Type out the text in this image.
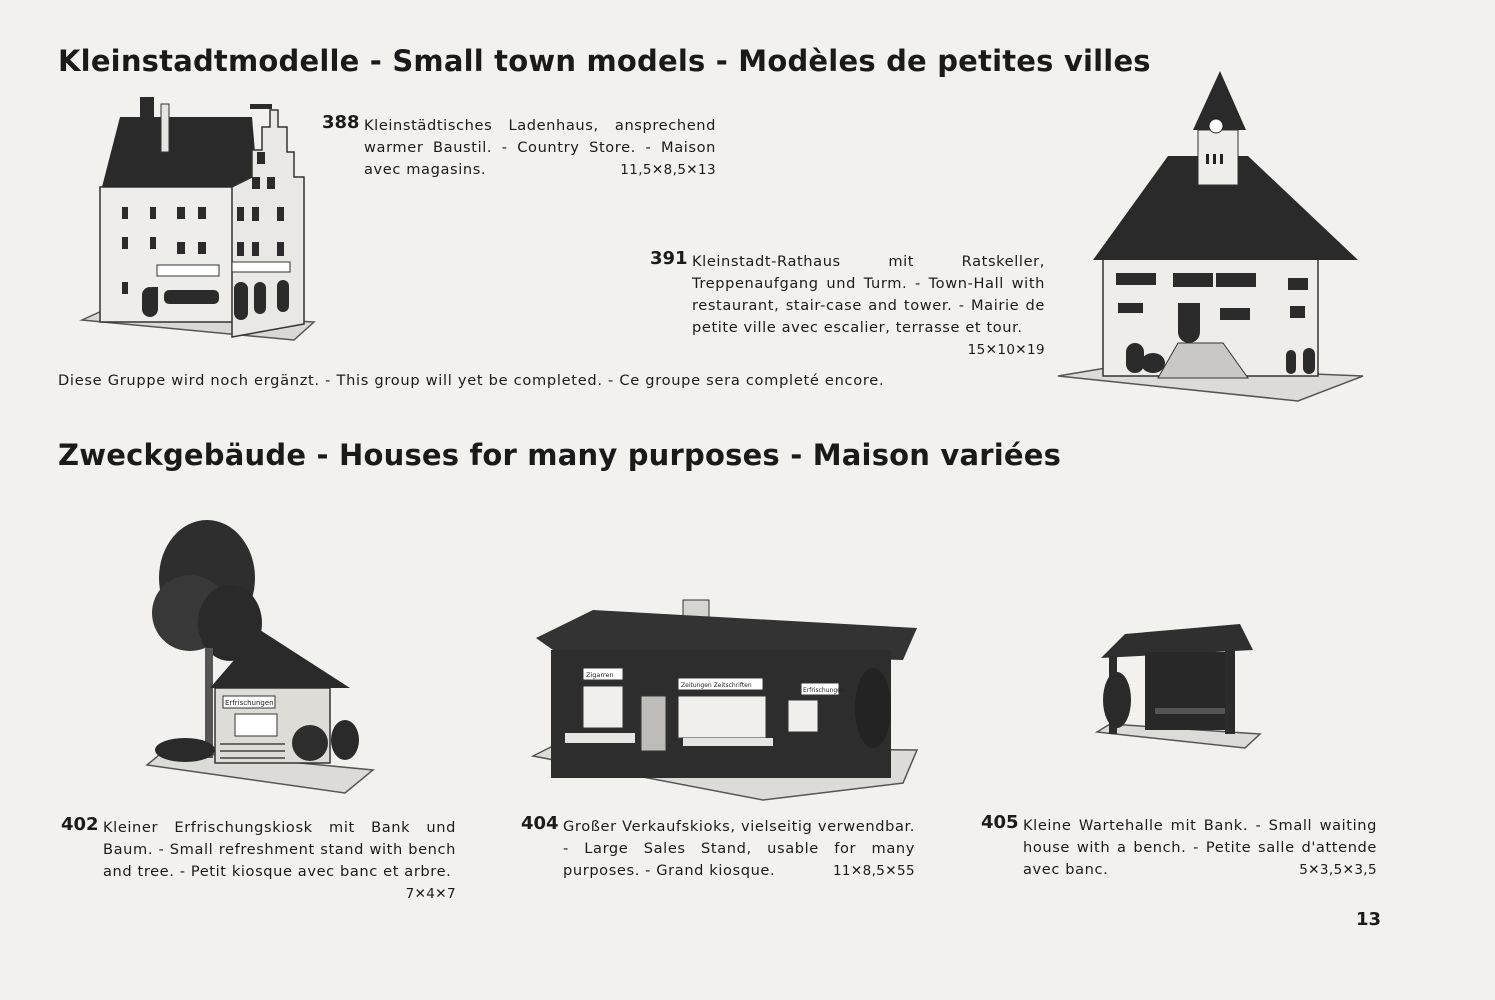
Kleinstadtmodelle - Small town models - Modèles de petites villes
Zweckgebäude - Houses for many purposes - Maison variées
388 Kleinstädtisches Ladenhaus, ansprechend warmer Baustil. - Country Store. - Maison avec magasins.	11,5✕8,5✕13
391 Kleinstadt-Rathaus mit Ratskeller, Treppenaufgang und Turm. - Town-Hall with restaurant, stair-case and tower. - Mairie de petite ville avec escalier, terrasse et tour.
15✕10✕19
Diese Gruppe wird noch ergänzt. - This group will yet be completed. - Ce groupe sera completé encore.
Erfrischungen
Zigarren
Zeitungen Zeitschriften
Erfrischungen
402 Kleiner Erfrischungskiosk mit Bank und Baum. - Small refreshment stand with bench and tree. - Petit kiosque avec banc et arbre.
7✕4✕7
404 Großer Verkaufskioks, vielseitig verwendbar. - Large Sales Stand, usable for many purposes. - Grand kiosque.	11✕8,5✕55
405 Kleine Wartehalle mit Bank. - Small waiting house with a bench. - Petite salle d'attende avec banc.	5✕3,5✕3,5
13
